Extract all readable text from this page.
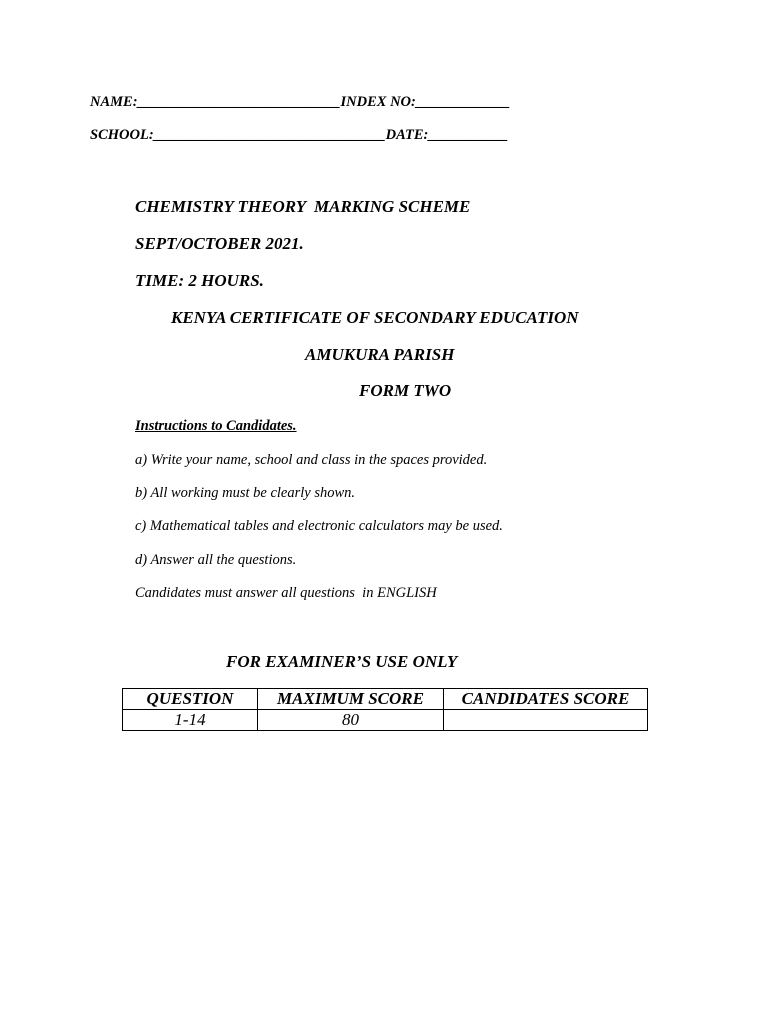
NAME:____________________________INDEX NO:_____________
SCHOOL:________________________________DATE:___________
CHEMISTRY THEORY  MARKING SCHEME
SEPT/OCTOBER 2021.
TIME: 2 HOURS.
KENYA CERTIFICATE OF SECONDARY EDUCATION
AMUKURA PARISH
FORM TWO
Instructions to Candidates.
a) Write your name, school and class in the spaces provided.
b) All working must be clearly shown.
c) Mathematical tables and electronic calculators may be used.
d) Answer all the questions.
Candidates must answer all questions  in ENGLISH
FOR EXAMINER’S USE ONLY
QUESTION	MAXIMUM SCORE	CANDIDATES SCORE
1-14	80	
